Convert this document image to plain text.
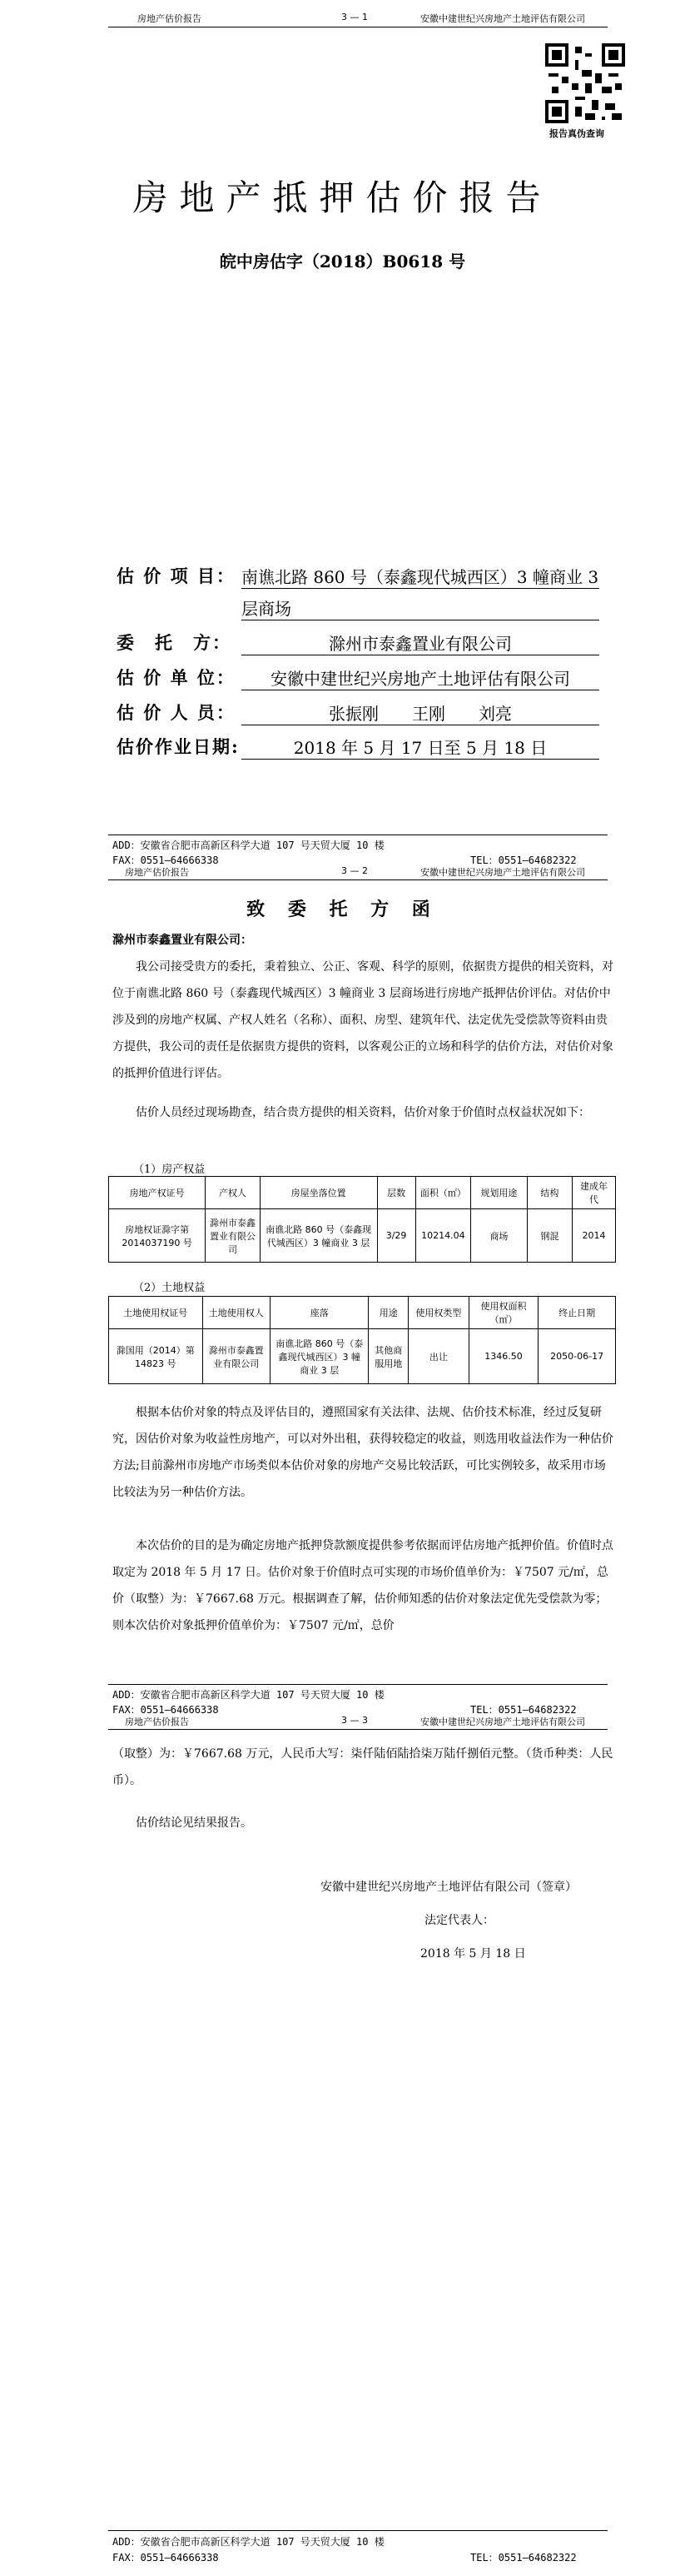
房地产估价报告	3 — 1	安徽中建世纪兴房地产土地评估有限公司
报告真伪查询
房地产抵押估价报告
皖中房估字（2018）B0618 号
估 价 项 目： 南谯北路 860 号（泰鑫现代城西区）3 幢商业 3
层商场
委　托　方：	滁州市泰鑫置业有限公司
估 价 单 位：	安徽中建世纪兴房地产土地评估有限公司
估 价 人 员：	张振刚　　王刚　　刘亮
估价作业日期:	2018 年 5 月 17 日至 5 月 18 日
ADD：安徽省合肥市高新区科学大道 107 号天贸大厦 10 楼
FAX：0551—64666338	TEL：0551—64682322
房地产估价报告	3 — 2	安徽中建世纪兴房地产土地评估有限公司
致 委 托 方 函
滁州市泰鑫置业有限公司：
我公司接受贵方的委托，秉着独立、公正、客观、科学的原则，依据贵方提供的相关资料，对位于南谯北路 860 号（泰鑫现代城西区）3 幢商业 3 层商场进行房地产抵押估价评估。对估价中涉及到的房地产权属、产权人姓名（名称）、面积、房型、建筑年代、法定优先受偿款等资料由贵方提供，我公司的责任是依据贵方提供的资料，以客观公正的立场和科学的估价方法，对估价对象的抵押价值进行评估。
估价人员经过现场勘查，结合贵方提供的相关资料，估价对象于价值时点权益状况如下：
（1）房产权益
房地产权证号	产权人	房屋坐落位置	层数	面积（㎡）	规划用途	结构	建成年代
房地权证滁字第 2014037190 号	滁州市泰鑫置业有限公司	南谯北路 860 号（泰鑫现代城西区）3 幢商业 3 层	3/29	10214.04	商场	钢混	2014
（2）土地权益
土地使用权证号	土地使用权人	座落	用途	使用权类型	使用权面积（㎡）	终止日期
滁国用（2014）第 14823 号	滁州市泰鑫置业有限公司	南谯北路 860 号（泰鑫现代城西区）3 幢商业 3 层	其他商服用地	出让	1346.50	2050-06-17
根据本估价对象的特点及评估目的，遵照国家有关法律、法规、估价技术标准，经过反复研究，因估价对象为收益性房地产，可以对外出租，获得较稳定的收益，则选用收益法作为一种估价方法;目前滁州市房地产市场类似本估价对象的房地产交易比较活跃，可比实例较多，故采用市场比较法为另一种估价方法。
本次估价的目的是为确定房地产抵押贷款额度提供参考依据而评估房地产抵押价值。价值时点取定为 2018 年 5 月 17 日。估价对象于价值时点可实现的市场价值单价为：￥7507 元/㎡，总价（取整）为：￥7667.68 万元。根据调查了解，估价师知悉的估价对象法定优先受偿款为零；则本次估价对象抵押价值单价为：￥7507 元/㎡，总价
ADD：安徽省合肥市高新区科学大道 107 号天贸大厦 10 楼
FAX：0551—64666338	TEL：0551—64682322
房地产估价报告	3 — 3	安徽中建世纪兴房地产土地评估有限公司
（取整）为：￥7667.68 万元，人民币大写：柒仟陆佰陆拾柒万陆仟捌佰元整。（货币种类：人民币）。
估价结论见结果报告。
安徽中建世纪兴房地产土地评估有限公司（签章）
法定代表人：
2018 年 5 月 18 日
ADD：安徽省合肥市高新区科学大道 107 号天贸大厦 10 楼
FAX：0551—64666338	TEL：0551—64682322
